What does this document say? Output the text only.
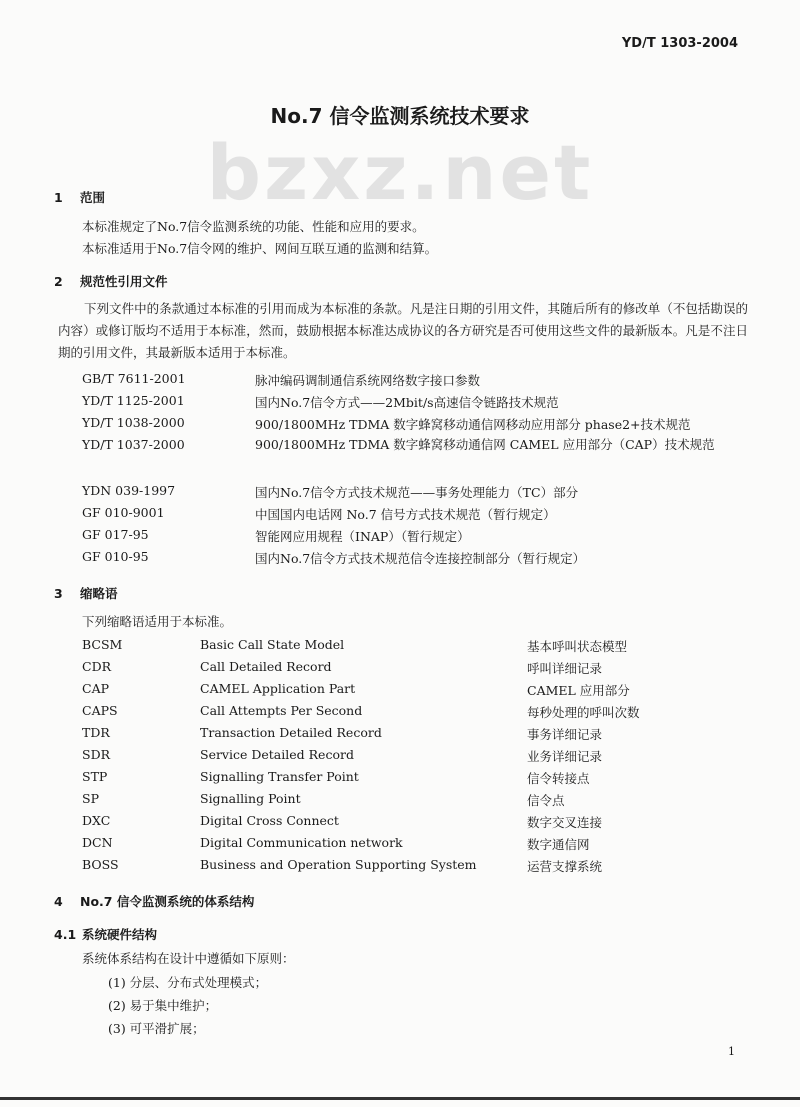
YD/T 1303-2004
bzxz.net
No.7 信令监测系统技术要求
1 范围
本标准规定了No.7信令监测系统的功能、性能和应用的要求。
本标准适用于No.7信令网的维护、网间互联互通的监测和结算。
2 规范性引用文件
下列文件中的条款通过本标准的引用而成为本标准的条款。凡是注日期的引用文件，其随后所有的修改单（不包括勘误的内容）或修订版均不适用于本标准，然而，鼓励根据本标准达成协议的各方研究是否可使用这些文件的最新版本。凡是不注日期的引用文件，其最新版本适用于本标准。
GB/T 7611-2001	脉冲编码调制通信系统网络数字接口参数
YD/T 1125-2001	国内No.7信令方式——2Mbit/s高速信令链路技术规范
YD/T 1038-2000	900/1800MHz TDMA 数字蜂窝移动通信网移动应用部分 phase2+技术规范
YD/T 1037-2000	900/1800MHz TDMA 数字蜂窝移动通信网 CAMEL 应用部分（CAP）技术规范
YDN 039-1997	国内No.7信令方式技术规范——事务处理能力（TC）部分
GF 010-9001	中国国内电话网 No.7 信号方式技术规范（暂行规定）
GF 017-95	智能网应用规程（INAP）（暂行规定）
GF 010-95	国内No.7信令方式技术规范信令连接控制部分（暂行规定）
3 缩略语
下列缩略语适用于本标准。
BCSM	Basic Call State Model	基本呼叫状态模型
CDR	Call Detailed Record	呼叫详细记录
CAP	CAMEL Application Part	CAMEL 应用部分
CAPS	Call Attempts Per Second	每秒处理的呼叫次数
TDR	Transaction Detailed Record	事务详细记录
SDR	Service Detailed Record	业务详细记录
STP	Signalling Transfer Point	信令转接点
SP	Signalling Point	信令点
DXC	Digital Cross Connect	数字交叉连接
DCN	Digital Communication network	数字通信网
BOSS	Business and Operation Supporting System	运营支撑系统
4 No.7 信令监测系统的体系结构
4.1 系统硬件结构
系统体系结构在设计中遵循如下原则：
(1) 分层、分布式处理模式；
(2) 易于集中维护；
(3) 可平滑扩展；
1
